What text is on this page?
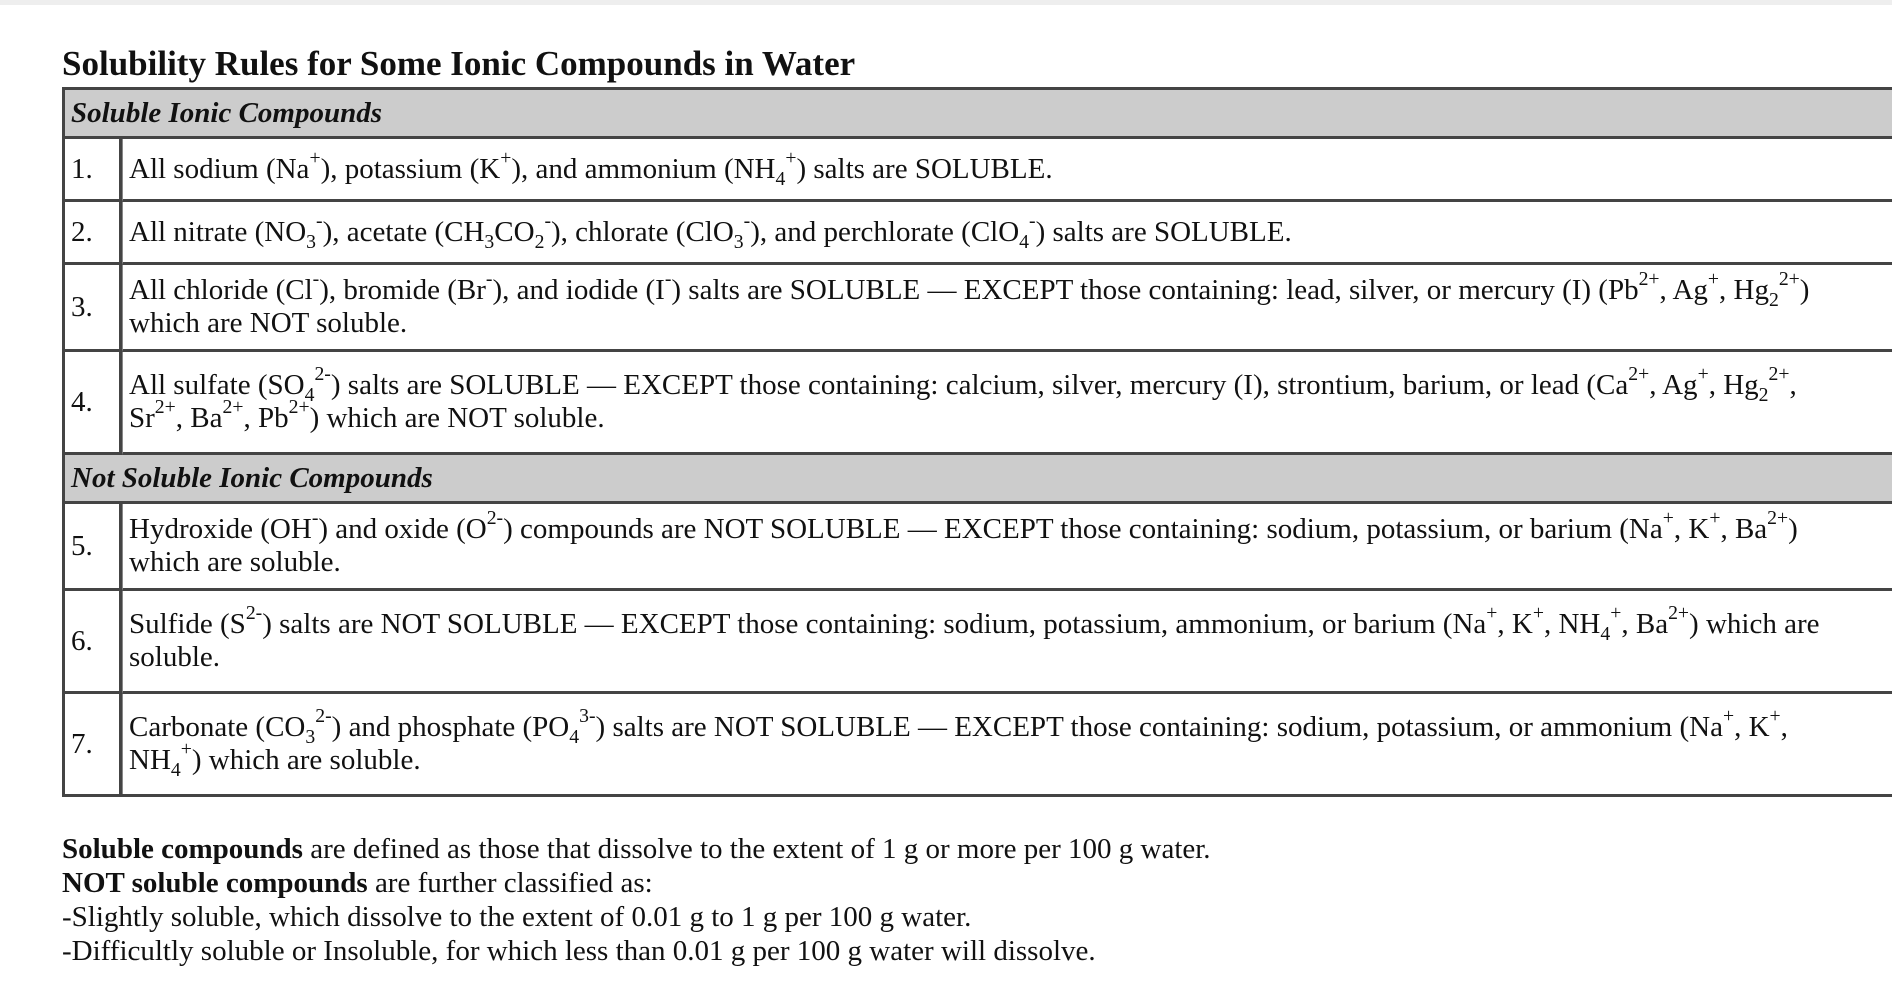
Solubility Rules for Some Ionic Compounds in Water
Soluble Ionic Compounds	
1.	All sodium (Na+), potassium (K+), and ammonium $(NH_4^+)$ salts are SOLUBLE.

2.	All nitrate $(NO_3^-)$, acetate $(CH_3CO_2^-)$, chlorate (ClO$_3$-), and perchlorate (ClO$_4$-) salts are SOLUBLE.

3.	All chloride (Cl-), bromide (Br-), and iodide (I-) salts are SOLUBLE — EXCEPT those containing: lead, silver, or mercury (I) ($Pb^{2+}$, Ag+, $Hg_2^{2+}$)
which are NOT soluble.

4.	All sulfate $(SO_4^{2-})$ salts are SOLUBLE — EXCEPT those containing: calcium, silver, mercury (I), strontium, barium, or lead ($Ca^{2+}$, Ag+, $Hg_2^{2+}$,
$Sr^{2+}$, $Ba^{2+}$, $Pb^{2+}$) which are NOT soluble.

Not Soluble Ionic Compounds	
5.	Hydroxide (OH-) and oxide $(O^{2-})$ compounds are NOT SOLUBLE — EXCEPT those containing: sodium, potassium, or barium (Na+, K+, $Ba^{2+}$)
which are soluble.

6.	Sulfide $(S^{2-})$ salts are NOT SOLUBLE — EXCEPT those containing: sodium, potassium, ammonium, or barium (Na+, K+, $NH_4^+$, $Ba^{2+}$) which are
soluble.

7.	Carbonate $(CO_3^{2-})$ and phosphate $(PO_4^{3-})$ salts are NOT SOLUBLE — EXCEPT those containing: sodium, potassium, or ammonium (Na+, K+,
$NH_4^+$) which are soluble.

Soluble compounds are defined as those that dissolve to the extent of 1 g or more per 100 g water.

NOT soluble compounds are further classified as:

-Slightly soluble, which dissolve to the extent of 0.01 g to 1 g per 100 g water.

-Difficultly soluble or Insoluble, for which less than 0.01 g per 100 g water will dissolve.
